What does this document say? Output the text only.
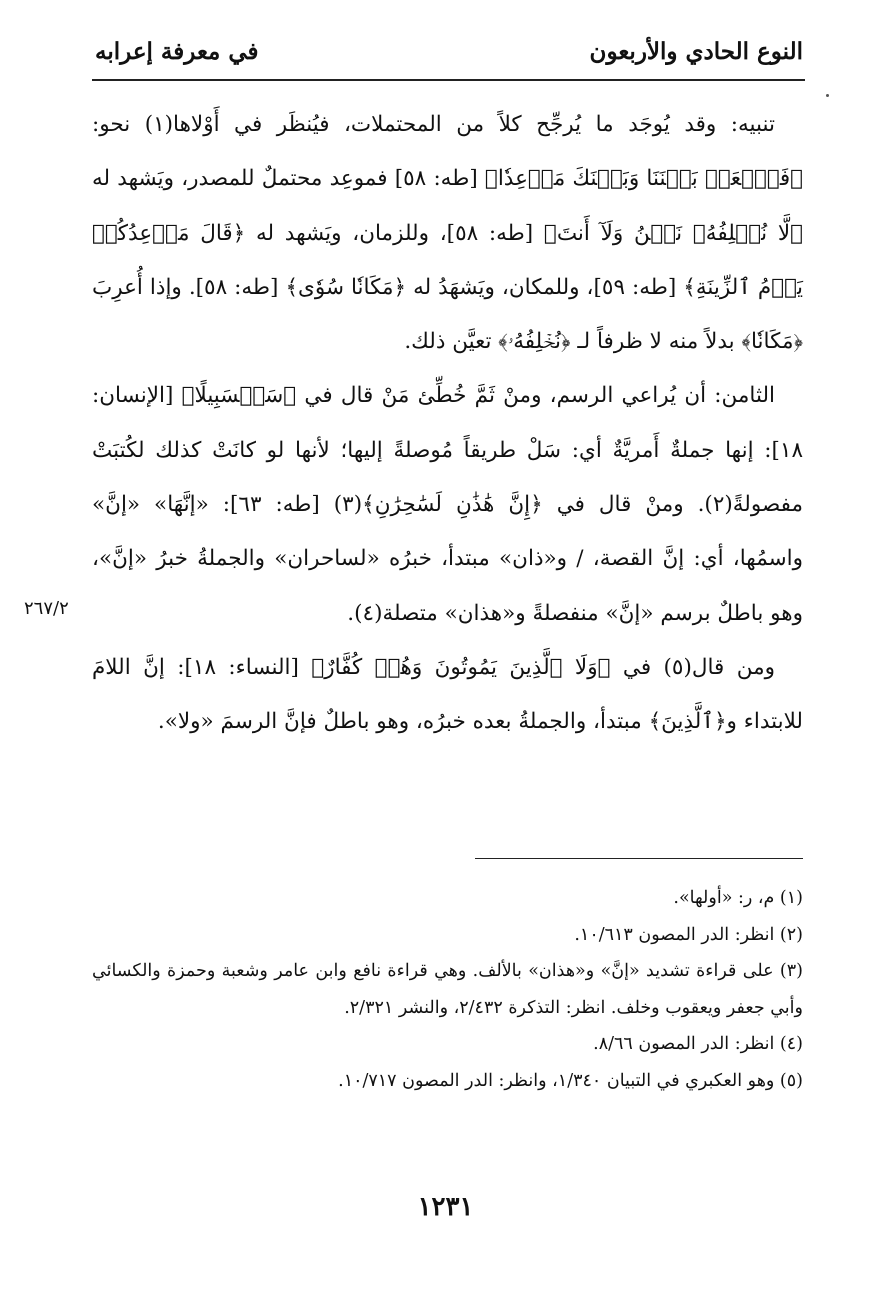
النوع الحادي والأربعون
في معرفة إعرابه

تنبيه: وقد يُوجَد ما يُرجِّح كلاً من المحتملات، فيُنظَر في أَوْلاها(١) نحو: ﴿فَٱجۡعَلۡ بَيۡنَنَا وَبَيۡنَكَ مَوۡعِدٗا﴾ [طه: ٥٨] فموعِد محتملٌ للمصدر، ويَشهد له ﴿لَّا نُخۡلِفُهُۥ نَحۡنُ وَلَآ أَنتَ﴾ [طه: ٥٨]، وللزمان، ويَشهد له ﴿قَالَ مَوۡعِدُكُمۡ يَوۡمُ ٱلزِّينَةِ﴾ [طه: ٥٩]، وللمكان، ويَشهَدُ له ﴿مَكَانٗا سُوٗى﴾ [طه: ٥٨]. وإذا أُعرِبَ ﴿مَكَانٗا﴾ بدلاً منه لا ظرفاً لـ ﴿نُخۡلِفُهُۥ﴾ تعيَّن ذلك.

الثامن: أن يُراعي الرسم، ومنْ ثَمَّ خُطِّئ مَنْ قال في ﴿سَلۡسَبِيلًا﴾ [الإنسان: ١٨]: إنها جملةٌ أَمريَّةٌ أي: سَلْ طريقاً مُوصلةً إليها؛ لأنها لو كانَتْ كذلك لكُتبَتْ مفصولةً(٢). ومنْ قال في ﴿إِنَّ هَٰذَٰنِ لَسَٰحِرَٰنِ﴾(٣) [طه: ٦٣]: «إنَّهَا» «إنَّ» واسمُها، أي: إنَّ القصة، / و«ذان» مبتدأ، خبرُه «لساحران» والجملةُ خبرُ «إنَّ»، وهو باطلٌ برسم «إنَّ» منفصلةً و«هذان» متصلة(٤).

ومن قال(٥) في ﴿وَلَا ٱلَّذِينَ يَمُوتُونَ وَهُمۡ كُفَّارٌ﴾ [النساء: ١٨]: إنَّ اللامَ للابتداء و﴿ٱلَّذِينَ﴾ مبتدأ، والجملةُ بعده خبرُه، وهو باطلٌ فإنَّ الرسمَ «ولا».

٢٦٧/٢

(١) م، ر: «أولها».

(٢) انظر: الدر المصون ١٠/٦١٣.

(٣) على قراءة تشديد «إنَّ» و«هذان» بالألف. وهي قراءة نافع وابن عامر وشعبة وحمزة والكسائي وأبي جعفر ويعقوب وخلف. انظر: التذكرة ٢/٤٣٢، والنشر ٢/٣٢١.

(٤) انظر: الدر المصون ٨/٦٦.

(٥) وهو العكبري في التبيان ١/٣٤٠، وانظر: الدر المصون ١٠/٧١٧.

١٢٣١
